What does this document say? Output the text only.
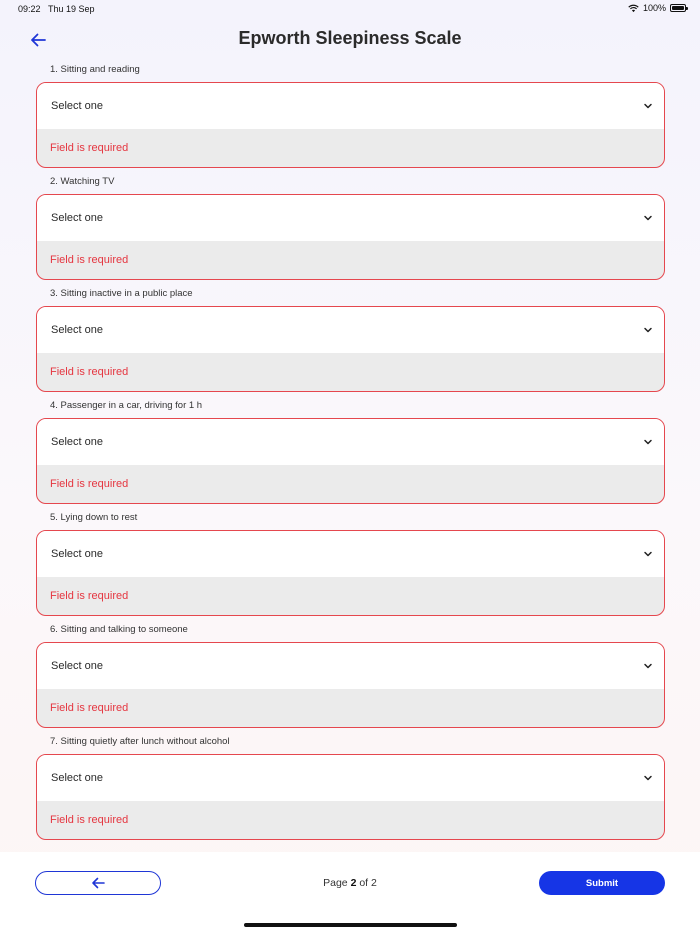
09:22 Thu 19 Sep	100%
Epworth Sleepiness Scale
1. Sitting and reading
Select one
Field is required
2. Watching TV
Select one
Field is required
3. Sitting inactive in a public place
Select one
Field is required
4. Passenger in a car, driving for 1 h
Select one
Field is required
5. Lying down to rest
Select one
Field is required
6. Sitting and talking to someone
Select one
Field is required
7. Sitting quietly after lunch without alcohol
Select one
Field is required
Page 2 of 2	Submit
